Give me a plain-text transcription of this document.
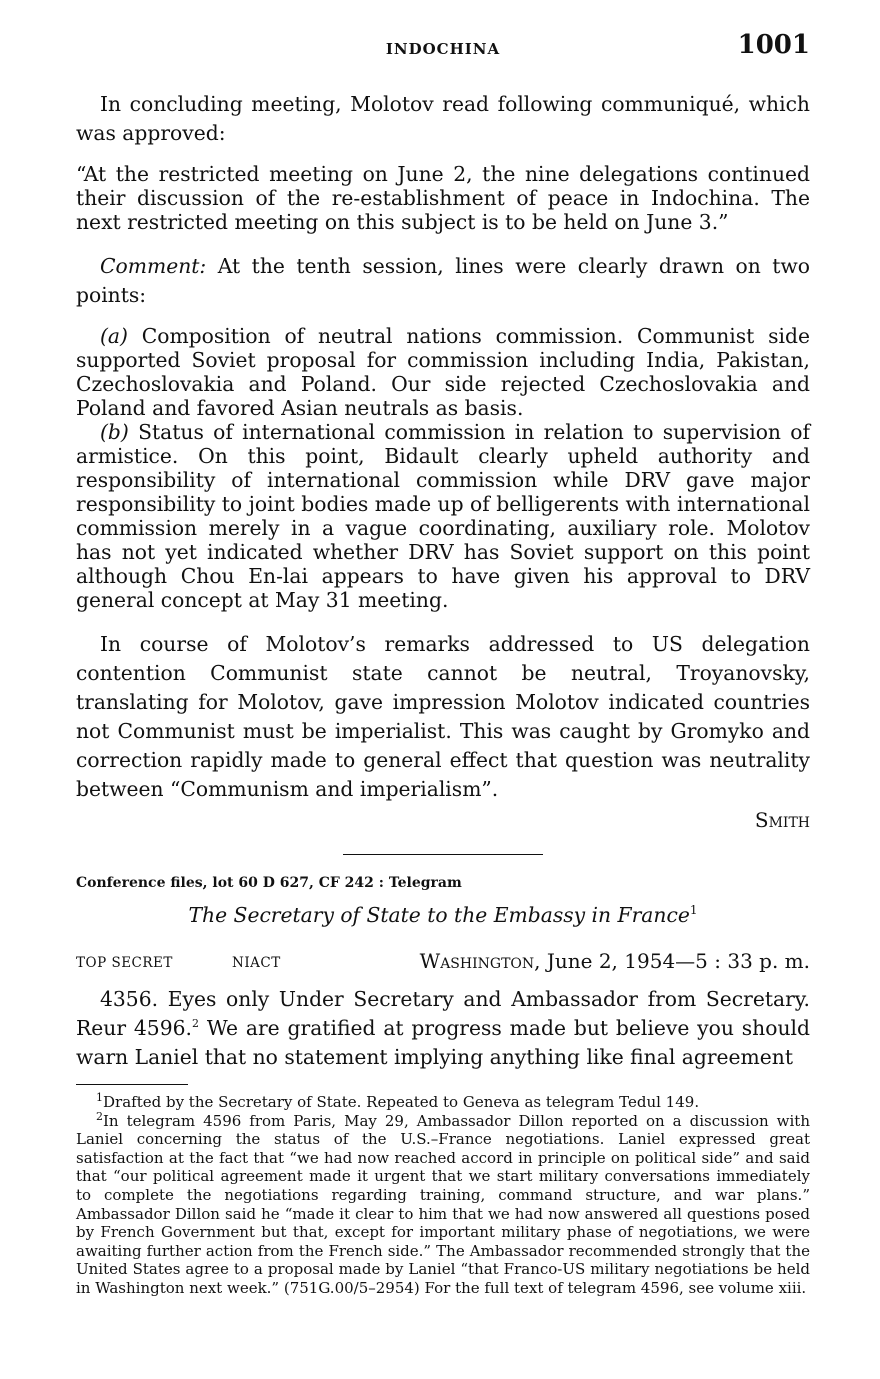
INDOCHINA	1001

In concluding meeting, Molotov read following communiqué, which was approved:

“At the restricted meeting on June 2, the nine delegations continued their discussion of the re-establishment of peace in Indochina. The next restricted meeting on this subject is to be held on June 3.”

Comment: At the tenth session, lines were clearly drawn on two points:

(a) Composition of neutral nations commission. Communist side supported Soviet proposal for commission including India, Pakistan, Czechoslovakia and Poland. Our side rejected Czechoslovakia and Poland and favored Asian neutrals as basis.

(b) Status of international commission in relation to supervision of armistice. On this point, Bidault clearly upheld authority and responsibility of international commission while DRV gave major responsibility to joint bodies made up of belligerents with international commission merely in a vague coordinating, auxiliary role. Molotov has not yet indicated whether DRV has Soviet support on this point although Chou En-lai appears to have given his approval to DRV general concept at May 31 meeting.

In course of Molotov’s remarks addressed to US delegation contention Communist state cannot be neutral, Troyanovsky, translating for Molotov, gave impression Molotov indicated countries not Communist must be imperialist. This was caught by Gromyko and correction rapidly made to general effect that question was neutrality between “Communism and imperialism”.

Smith
Conference files, lot 60 D 627, CF 242 : Telegram
The Secretary of State to the Embassy in France$^1$
TOP SECRET	NIACT	Washington, June 2, 1954—5 : 33 p. m.

4356. Eyes only Under Secretary and Ambassador from Secretary. Reur 4596.$^2$ We are gratified at progress made but believe you should warn Laniel that no statement implying anything like final agreement

$^1$Drafted by the Secretary of State. Repeated to Geneva as telegram Tedul 149.

$^2$In telegram 4596 from Paris, May 29, Ambassador Dillon reported on a discussion with Laniel concerning the status of the U.S.–France negotiations. Laniel expressed great satisfaction at the fact that “we had now reached accord in principle on political side” and said that “our political agreement made it urgent that we start military conversations immediately to complete the negotiations regarding training, command structure, and war plans.” Ambassador Dillon said he “made it clear to him that we had now answered all questions posed by French Government but that, except for important military phase of negotiations, we were awaiting further action from the French side.” The Ambassador recommended strongly that the United States agree to a proposal made by Laniel “that Franco-US military negotiations be held in Washington next week.” (751G.00/5–2954) For the full text of telegram 4596, see volume xiii.
